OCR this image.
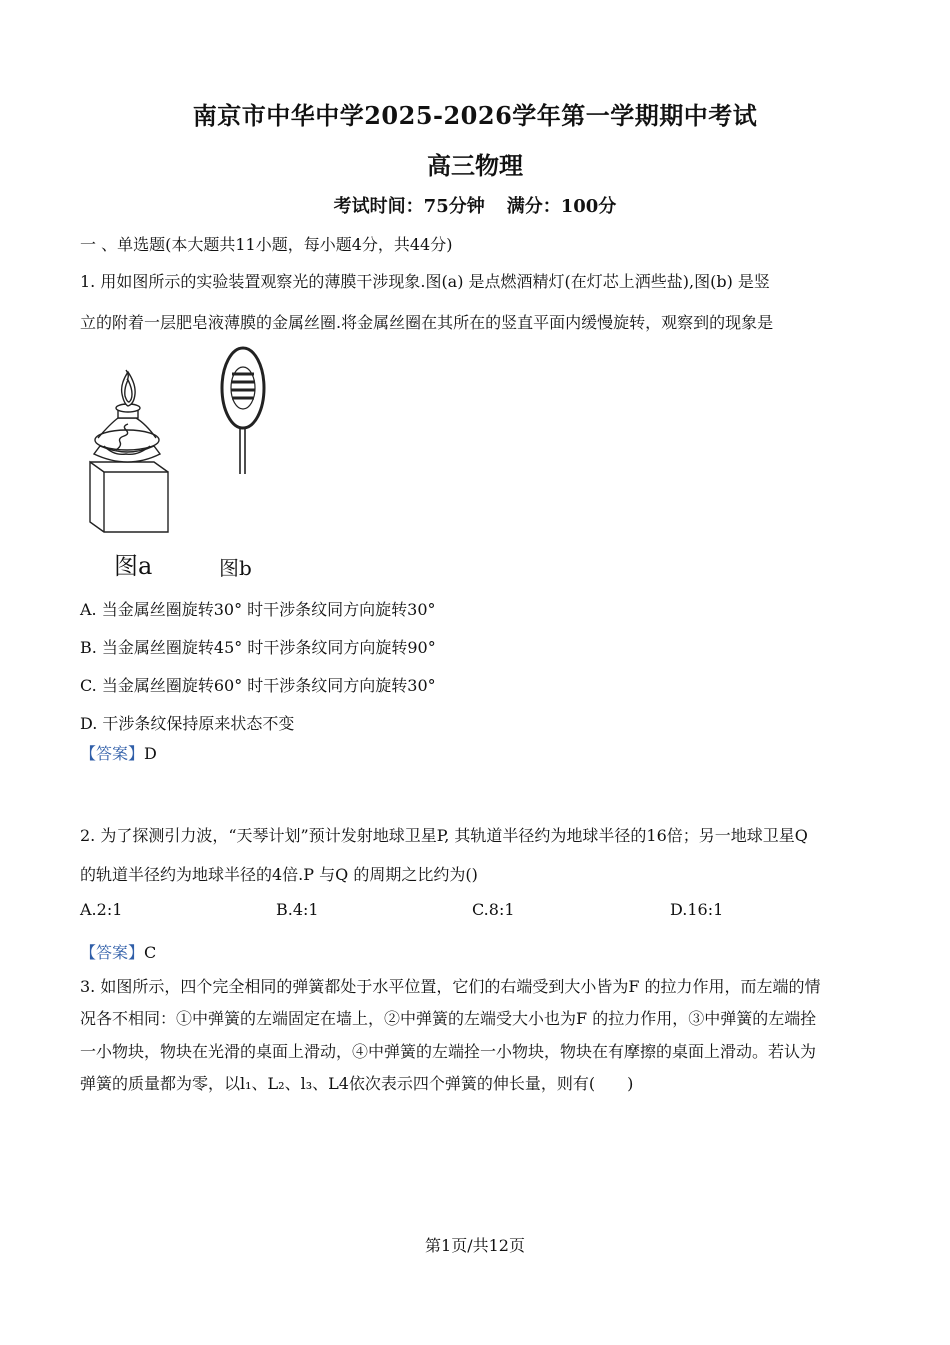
南京市中华中学2025-2026学年第一学期期中考试
高三物理
考试时间：75分钟 满分：100分
一 、单选题(本大题共11小题，每小题4分，共44分)
1. 用如图所示的实验装置观察光的薄膜干涉现象.图(a) 是点燃酒精灯(在灯芯上洒些盐),图(b) 是竖
立的附着一层肥皂液薄膜的金属丝圈.将金属丝圈在其所在的竖直平面内缓慢旋转，观察到的现象是
图a	图b
A. 当金属丝圈旋转30° 时干涉条纹同方向旋转30°
B. 当金属丝圈旋转45° 时干涉条纹同方向旋转90°
C. 当金属丝圈旋转60° 时干涉条纹同方向旋转30°
D. 干涉条纹保持原来状态不变
【答案】D
2. 为了探测引力波，“天琴计划”预计发射地球卫星P, 其轨道半径约为地球半径的16倍；另一地球卫星Q
的轨道半径约为地球半径的4倍.P 与Q 的周期之比约为()
A.2:1	B.4:1	C.8:1	D.16:1
【答案】C
3. 如图所示，四个完全相同的弹簧都处于水平位置，它们的右端受到大小皆为F 的拉力作用，而左端的情
况各不相同：①中弹簧的左端固定在墙上，②中弹簧的左端受大小也为F 的拉力作用，③中弹簧的左端拴
一小物块，物块在光滑的桌面上滑动，④中弹簧的左端拴一小物块，物块在有摩擦的桌面上滑动。若认为
弹簧的质量都为零，以l₁、L₂、l₃、L4依次表示四个弹簧的伸长量，则有(　　)
第1页/共12页
